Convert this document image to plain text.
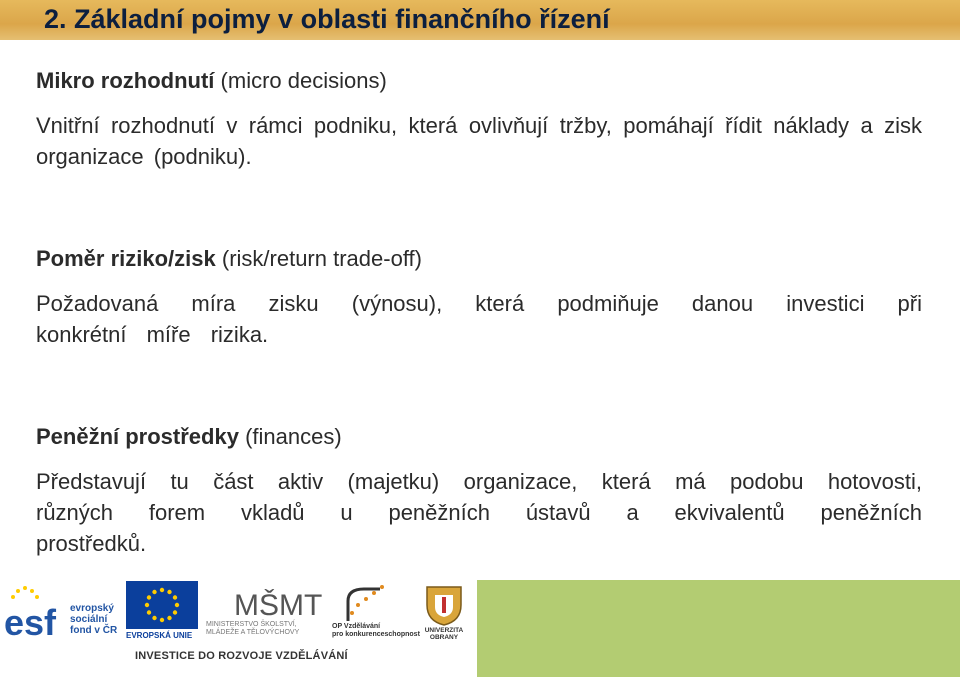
2. Základní pojmy v oblasti finančního řízení

Mikro rozhodnutí (micro decisions)

Vnitřní rozhodnutí v rámci podniku, která ovlivňují tržby, pomáhají řídit náklady a zisk organizace (podniku).

Poměr riziko/zisk (risk/return trade-off)

Požadovaná míra zisku (výnosu), která podmiňuje danou investici při konkrétní míře rizika.

Peněžní prostředky (finances)

Představují tu část aktiv (majetku) organizace, která má podobu hotovosti, různých forem vkladů u peněžních ústavů a ekvivalentů peněžních prostředků.

esf evropský
sociální
fond v ČR EVROPSKÁ UNIE
MŠMT
MINISTERSTVO ŠKOLSTVÍ,
MLÁDEŽE A TĚLOVÝCHOVY
OP Vzdělávání
pro konkurenceschopnost
UNIVERZITA
OBRANY
INVESTICE DO ROZVOJE VZDĚLÁVÁNÍ
